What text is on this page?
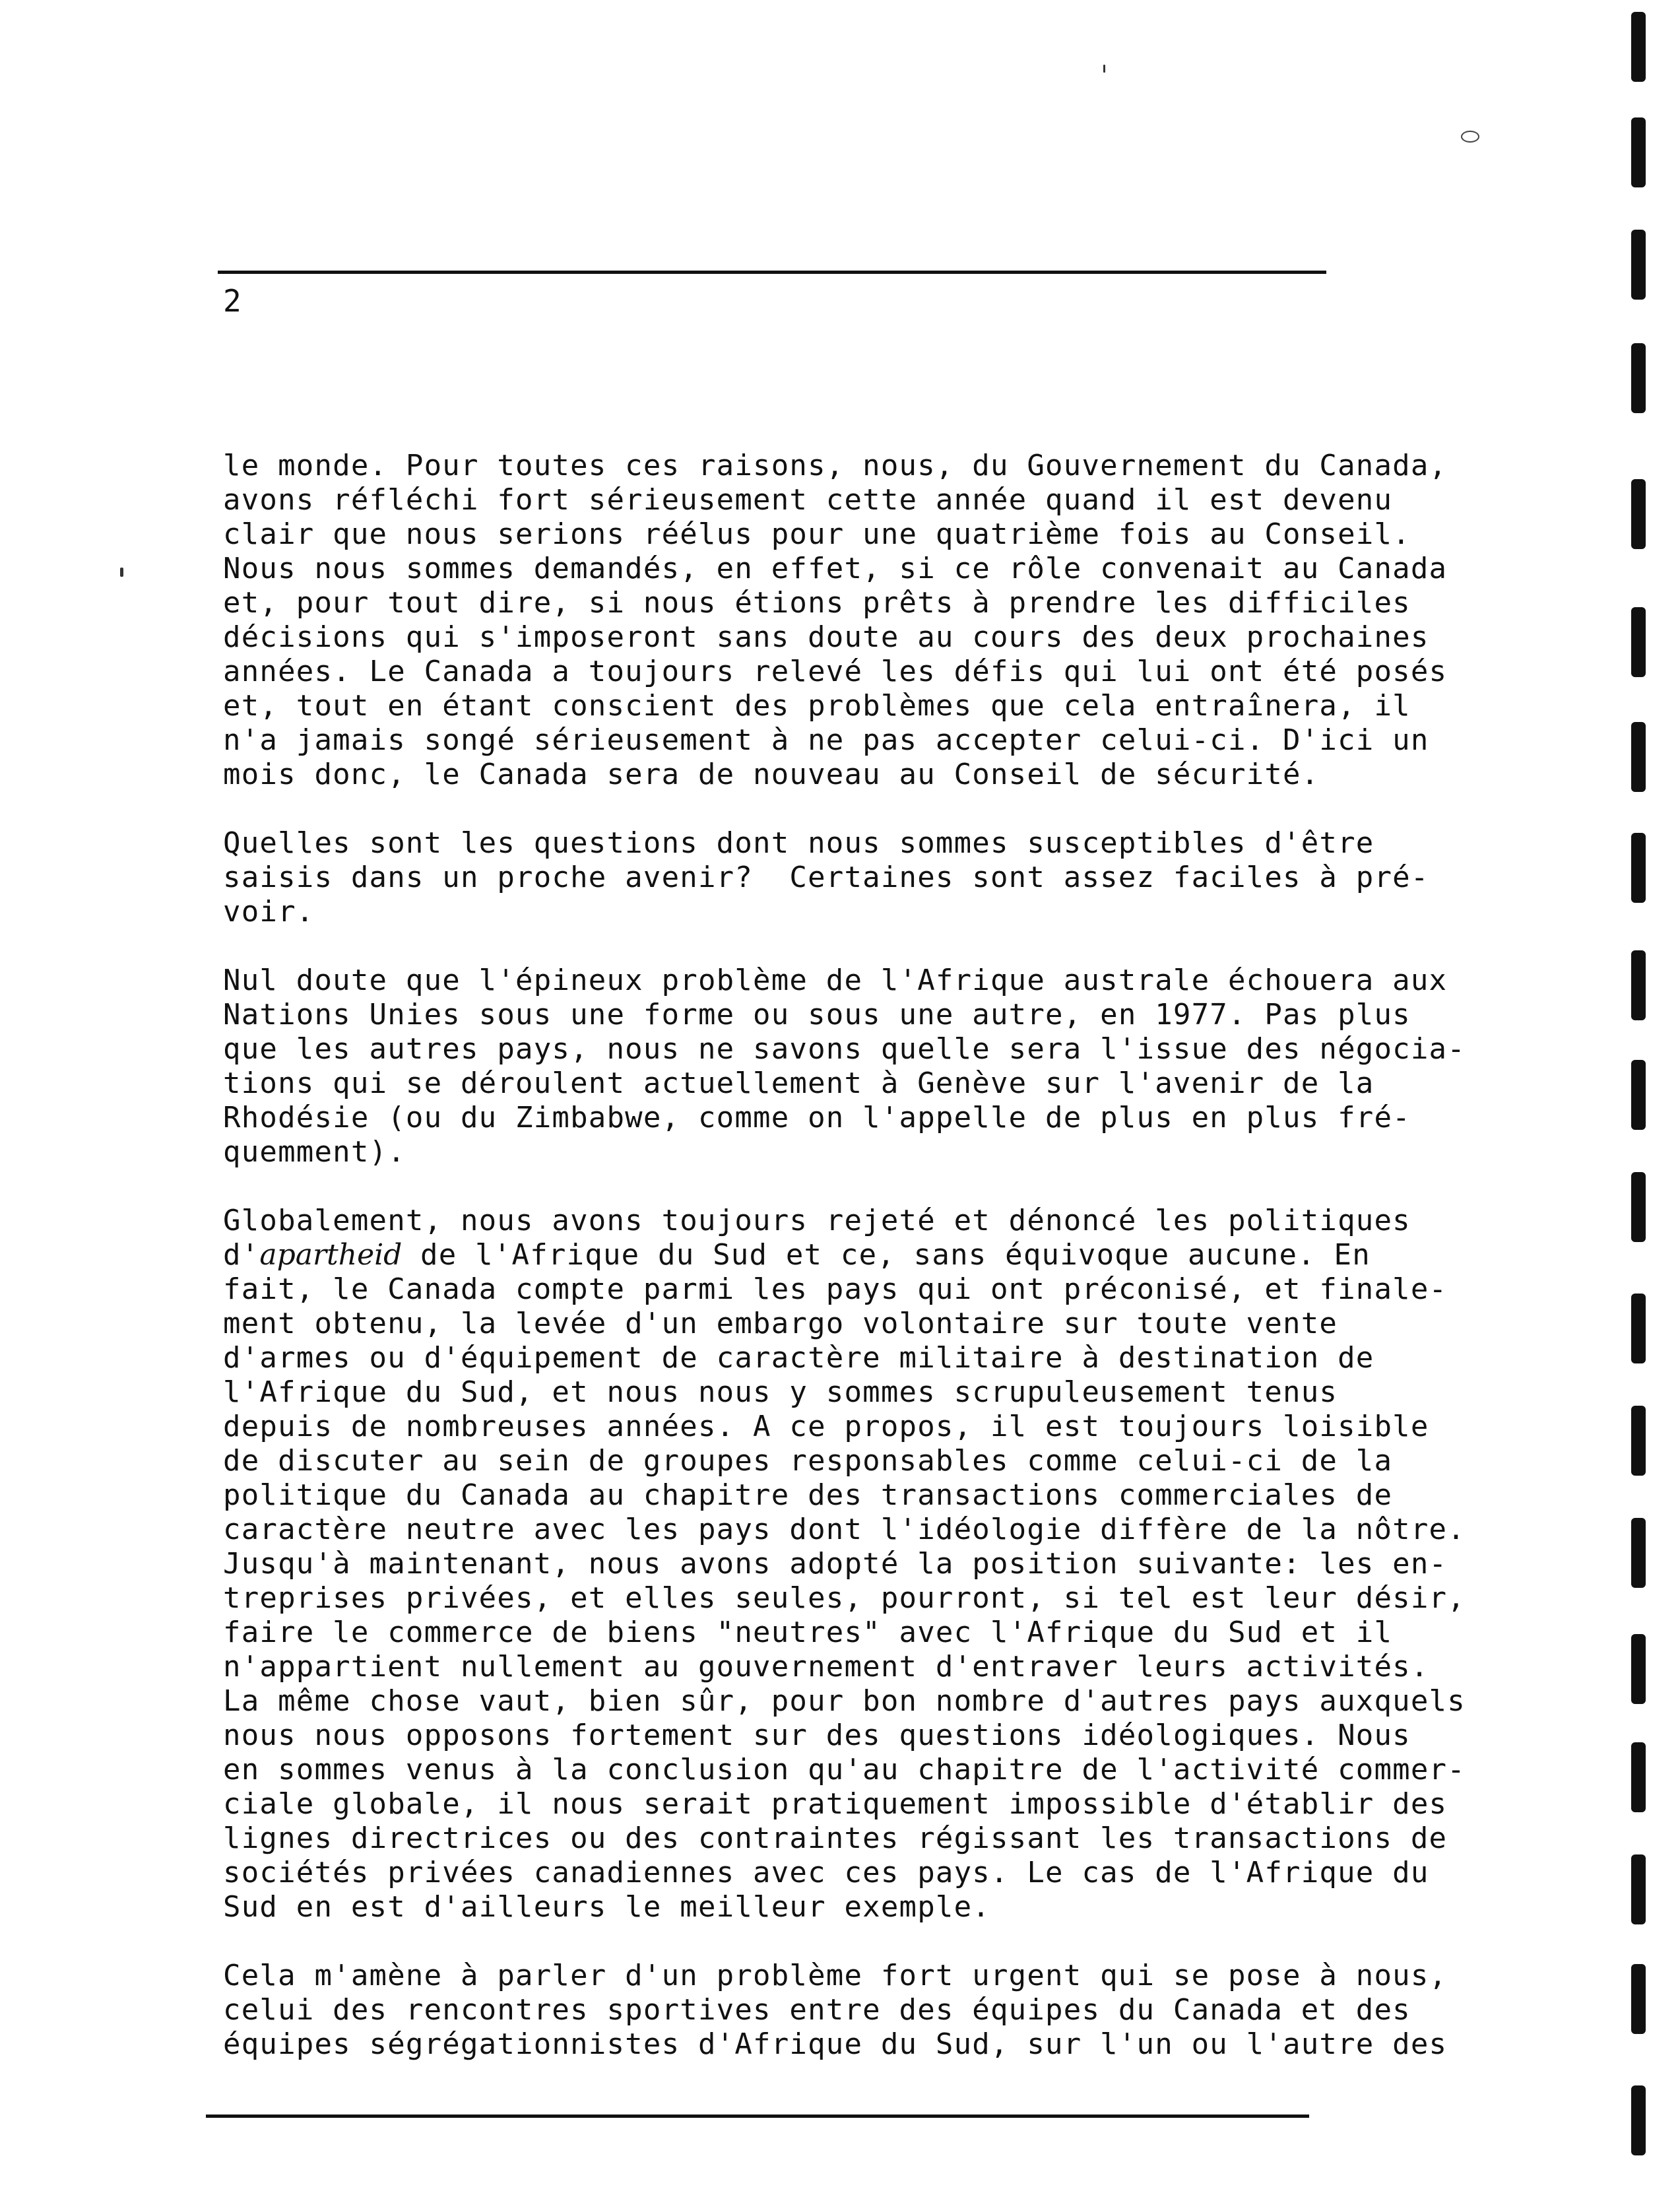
2
le monde. Pour toutes ces raisons, nous, du Gouvernement du Canada,
avons réfléchi fort sérieusement cette année quand il est devenu
clair que nous serions réélus pour une quatrième fois au Conseil.
Nous nous sommes demandés, en effet, si ce rôle convenait au Canada
et, pour tout dire, si nous étions prêts à prendre les difficiles
décisions qui s'imposeront sans doute au cours des deux prochaines
années. Le Canada a toujours relevé les défis qui lui ont été posés
et, tout en étant conscient des problèmes que cela entraînera, il
n'a jamais songé sérieusement à ne pas accepter celui-ci. D'ici un
mois donc, le Canada sera de nouveau au Conseil de sécurité.
Quelles sont les questions dont nous sommes susceptibles d'être
saisis dans un proche avenir?  Certaines sont assez faciles à pré-
voir.
Nul doute que l'épineux problème de l'Afrique australe échouera aux
Nations Unies sous une forme ou sous une autre, en 1977. Pas plus
que les autres pays, nous ne savons quelle sera l'issue des négocia-
tions qui se déroulent actuellement à Genève sur l'avenir de la
Rhodésie (ou du Zimbabwe, comme on l'appelle de plus en plus fré-
quemment).
Globalement, nous avons toujours rejeté et dénoncé les politiques
d'apartheid de l'Afrique du Sud et ce, sans équivoque aucune. En
fait, le Canada compte parmi les pays qui ont préconisé, et finale-
ment obtenu, la levée d'un embargo volontaire sur toute vente
d'armes ou d'équipement de caractère militaire à destination de
l'Afrique du Sud, et nous nous y sommes scrupuleusement tenus
depuis de nombreuses années. A ce propos, il est toujours loisible
de discuter au sein de groupes responsables comme celui-ci de la
politique du Canada au chapitre des transactions commerciales de
caractère neutre avec les pays dont l'idéologie diffère de la nôtre.
Jusqu'à maintenant, nous avons adopté la position suivante: les en-
treprises privées, et elles seules, pourront, si tel est leur désir,
faire le commerce de biens "neutres" avec l'Afrique du Sud et il
n'appartient nullement au gouvernement d'entraver leurs activités.
La même chose vaut, bien sûr, pour bon nombre d'autres pays auxquels
nous nous opposons fortement sur des questions idéologiques. Nous
en sommes venus à la conclusion qu'au chapitre de l'activité commer-
ciale globale, il nous serait pratiquement impossible d'établir des
lignes directrices ou des contraintes régissant les transactions de
sociétés privées canadiennes avec ces pays. Le cas de l'Afrique du
Sud en est d'ailleurs le meilleur exemple.
Cela m'amène à parler d'un problème fort urgent qui se pose à nous,
celui des rencontres sportives entre des équipes du Canada et des
équipes ségrégationnistes d'Afrique du Sud, sur l'un ou l'autre des
